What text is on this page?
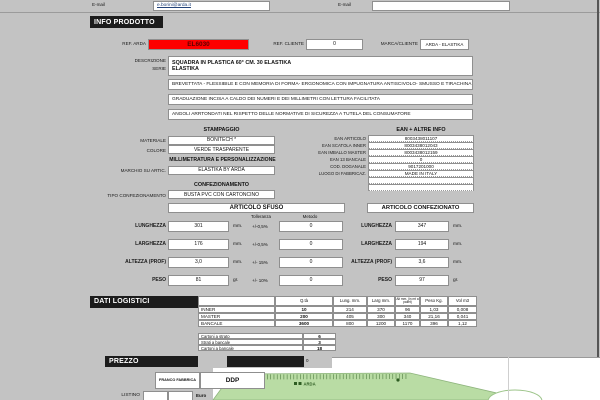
E-mail	e.borini@arda.it	E-mail
INFO PRODOTTO
REF. ARDA	EL6030	REF. CLIENTE	0	MARCA/CLIENTE	ARDA - ELASTIKA
DESCRIZIONE
SERIE
SQUADRA IN PLASTICA 60° CM. 30 ELASTIKA
ELASTIKA
BREVETTATA - FLESSIBILE E CON MEMORIA DI FORMA- ERGONOMICA CON IMPUGNATURA ANTISCIVOLO- SMUSSO E TIRACHINA
GRADUAZIONE INCISA A CALDO DEI NUMERI E DEI MILLIMETRI CON LETTURA FACILITATA
ANGOLI ARRTONDATI NEL RISPETTO DELLE NORMATIVE DI SICUREZZA A TUTELA DEL CONSUMATORE
STAMPAGGIO
MATERIALE	BONITECH *
COLORE	VERDE TRASPARENTE
MILLIMETRATURA E PERSONALIZZAZIONE
MARCHIO SU ARTIC.	ELASTIKA BY ARDA
CONFEZIONAMENTO
TIPO CONFEZIONAMENTO	BUSTA PVC CON CARTONCINO
EAN + ALTRE INFO
EAN ARTICOLO	8003438011107
EAN SCATOLA INNER	8003438012043
EAN IMBALLO MASTER	8003438012159
EAN 13 BANCALE	0
COD. DOGANALE	9017201000
LUOGO DI FABBRICAZ.	MADE IN ITALY
ARTICOLO SFUSO
Tolleranza	Metodo
LUNGHEZZA	301	mm.	+/-0,5%	0
LARGHEZZA	176	mm.	+/-0,5%	0
ALTEZZA (PROF)	3,0	mm.	+/- 15%	0
PESO	81	gr.	+/- 10%	0
ARTICOLO CONFEZIONATO
LUNGHEZZA	347	mm.
LARGHEZZA	194	mm.
ALTEZZA (PROF)	3,6	mm.
PESO	97	gr.
DATI LOGISTICI	Q.tà	Lung. mm.	Larg mm.	Alt mm. (in mt a pallet)	Peso Kg.	Vol m3
INNER	10	214	370	96	1,03	0,008
MASTER	200	405	300	340	21,16	0,041
BANCALE	3600	800	1200	1170	396	1,12
Cartoni a strato	6
Strati a bancale	3
Cartoni a bancale	18
ARDA
PREZZO	0
FRANCO FABBRICA	DDP
LISTINO	Euro
